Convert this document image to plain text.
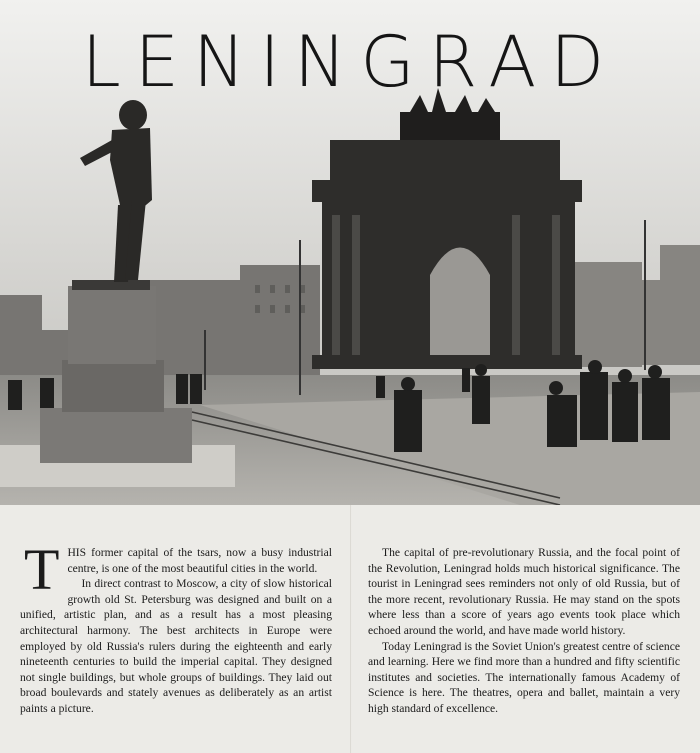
LENINGRAD

T HIS former capital of the tsars, now a busy industrial centre, is one of the most beautiful cities in the world.

In direct contrast to Moscow, a city of slow historical growth old St. Petersburg was designed and built on a unified, artistic plan, and as a result has a most pleasing architectural harmony. The best architects in Europe were employed by old Russia's rulers during the eighteenth and early nineteenth centuries to build the imperial capital. They designed not single buildings, but whole groups of buildings. They laid out broad boulevards and stately avenues as deliberately as an artist paints a picture.

The capital of pre-revolutionary Russia, and the focal point of the Revolution, Leningrad holds much historical significance. The tourist in Leningrad sees reminders not only of old Russia, but of the more recent, revolutionary Russia. He may stand on the spots where less than a score of years ago events took place which echoed around the world, and have made world history.

Today Leningrad is the Soviet Union's greatest centre of science and learning. Here we find more than a hundred and fifty scientific institutes and societies. The internationally famous Academy of Science is here. The theatres, opera and ballet, maintain a very high standard of excellence.
